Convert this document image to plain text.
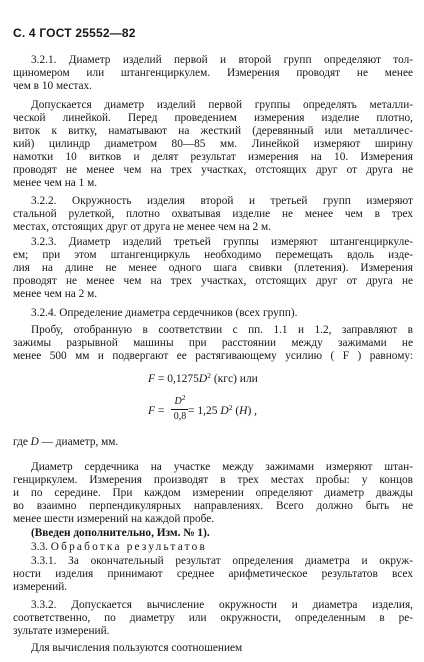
С. 4 ГОСТ 25552—82
3.2.1. Диаметр изделий первой и второй групп определяют тол-
щиномером или штангенциркулем. Измерения проводят не менее
чем в 10 местах.
Допускается диаметр изделий первой группы определять металли-
ческой линейкой. Перед проведением измерения изделие плотно,
виток к витку, наматывают на жесткий (деревянный или металличес-
кий) цилиндр диаметром 80—85 мм. Линейкой измеряют ширину
намотки 10 витков и делят результат измерения на 10. Измерения
проводят не менее чем на трех участках, отстоящих друг от друга не
менее чем на 1 м.
3.2.2. Окружность изделия второй и третьей групп измеряют
стальной рулеткой, плотно охватывая изделие не менее чем в трех
местах, отстоящих друг от друга не менее чем на 2 м.
3.2.3. Диаметр изделий третьей группы измеряют штангенциркуле-
ем; при этом штангенциркуль необходимо перемещать вдоль изде-
лия на длине не менее одного шага свивки (плетения). Измерения
проводят не менее чем на трех участках, отстоящих друг от друга не
менее чем на 2 м.
3.2.4. Определение диаметра сердечников (всех групп).
Пробу, отобранную в соответствии с пп. 1.1 и 1.2, заправляют в
зажимы разрывной машины при расстоянии между зажимами не
менее 500 мм и подвергают ее растягивающему усилию ( F ) равному:
$F = 0,1275D^2$ (кгс) или
F =
$D^2$
0,8 = 1,25 $D^2$ (H) ,
где D — диаметр, мм.
Диаметр сердечника на участке между зажимами измеряют штан-
генциркулем. Измерения производят в трех местах пробы: у концов
и по середине. При каждом измерении определяют диаметр дважды
во взаимно перпендикулярных направлениях. Всего должно быть не
менее шести измерений на каждой пробе.
(Введен дополнительно, Изм. № 1).
3.3. Обработка результатов
3.3.1. За окончательный результат определения диаметра и окруж-
ности изделия принимают среднее арифметическое результатов всех
измерений.
3.3.2. Допускается вычисление окружности и диаметра изделия,
соответственно, по диаметру или окружности, определенным в ре-
зультате измерений.
Для вычисления пользуются соотношением
